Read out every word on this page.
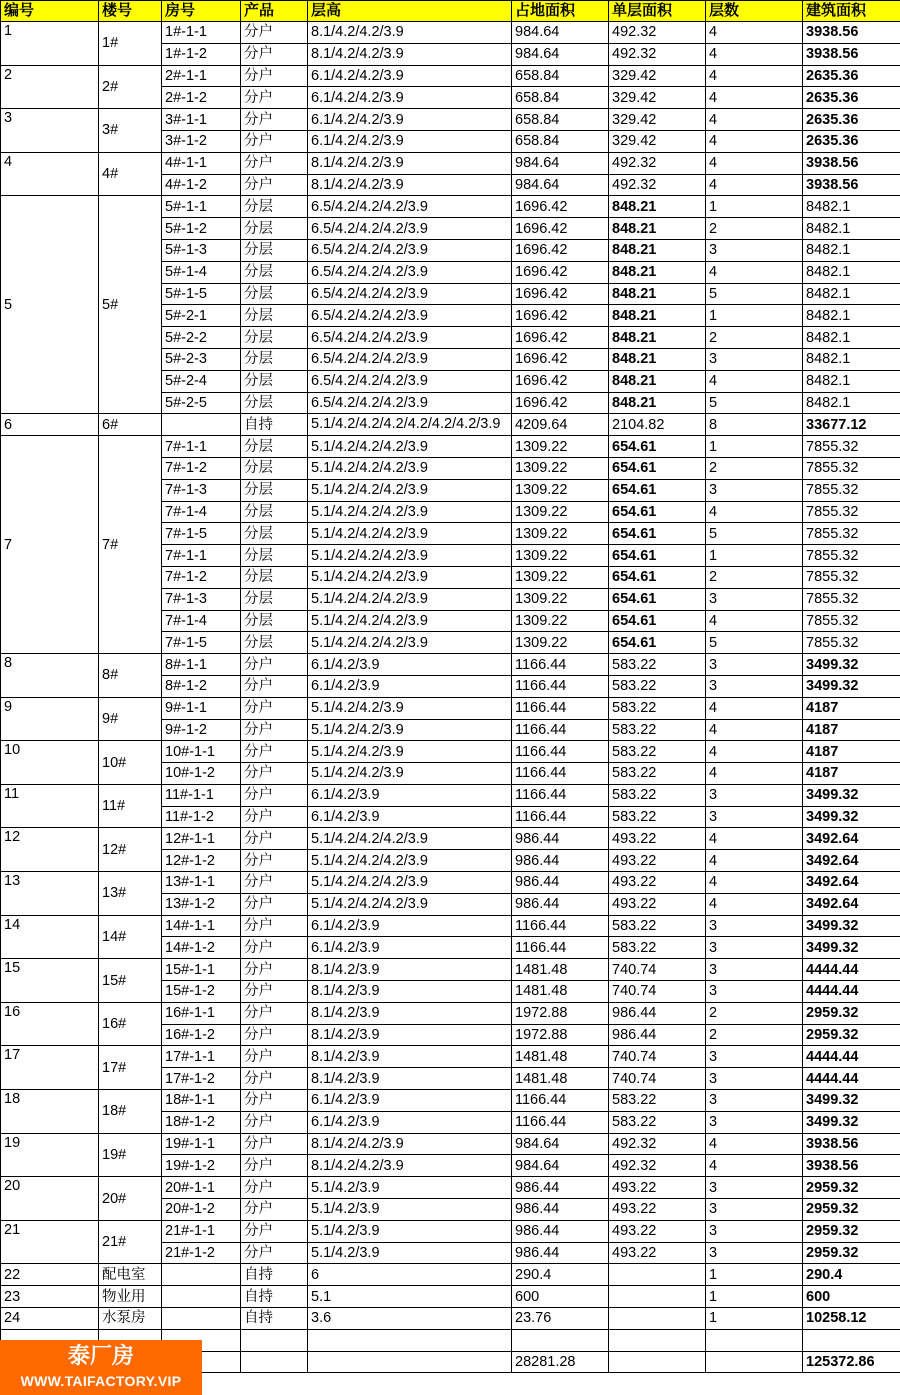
编号	楼号	房号	产品	层高	占地面积	单层面积	层数	建筑面积
1	1#	1#-1-1	分户	8.1/4.2/4.2/3.9	984.64	492.32	4	3938.56
		1#-1-2	分户	8.1/4.2/4.2/3.9	984.64	492.32	4	3938.56
2	2#	2#-1-1	分户	6.1/4.2/4.2/3.9	658.84	329.42	4	2635.36
		2#-1-2	分户	6.1/4.2/4.2/3.9	658.84	329.42	4	2635.36
3	3#	3#-1-1	分户	6.1/4.2/4.2/3.9	658.84	329.42	4	2635.36
		3#-1-2	分户	6.1/4.2/4.2/3.9	658.84	329.42	4	2635.36
4	4#	4#-1-1	分户	8.1/4.2/4.2/3.9	984.64	492.32	4	3938.56
		4#-1-2	分户	8.1/4.2/4.2/3.9	984.64	492.32	4	3938.56
5	5#	5#-1-1	分层	6.5/4.2/4.2/4.2/3.9	1696.42	848.21	1	8482.1
		5#-1-2	分层	6.5/4.2/4.2/4.2/3.9	1696.42	848.21	2	8482.1
		5#-1-3	分层	6.5/4.2/4.2/4.2/3.9	1696.42	848.21	3	8482.1
		5#-1-4	分层	6.5/4.2/4.2/4.2/3.9	1696.42	848.21	4	8482.1
		5#-1-5	分层	6.5/4.2/4.2/4.2/3.9	1696.42	848.21	5	8482.1
		5#-2-1	分层	6.5/4.2/4.2/4.2/3.9	1696.42	848.21	1	8482.1
		5#-2-2	分层	6.5/4.2/4.2/4.2/3.9	1696.42	848.21	2	8482.1
		5#-2-3	分层	6.5/4.2/4.2/4.2/3.9	1696.42	848.21	3	8482.1
		5#-2-4	分层	6.5/4.2/4.2/4.2/3.9	1696.42	848.21	4	8482.1
		5#-2-5	分层	6.5/4.2/4.2/4.2/3.9	1696.42	848.21	5	8482.1
6	6#		自持	5.1/4.2/4.2/4.2/4.2/4.2/4.2/3.9	4209.64	2104.82	8	33677.12
7	7#	7#-1-1	分层	5.1/4.2/4.2/4.2/3.9	1309.22	654.61	1	7855.32
		7#-1-2	分层	5.1/4.2/4.2/4.2/3.9	1309.22	654.61	2	7855.32
		7#-1-3	分层	5.1/4.2/4.2/4.2/3.9	1309.22	654.61	3	7855.32
		7#-1-4	分层	5.1/4.2/4.2/4.2/3.9	1309.22	654.61	4	7855.32
		7#-1-5	分层	5.1/4.2/4.2/4.2/3.9	1309.22	654.61	5	7855.32
		7#-1-1	分层	5.1/4.2/4.2/4.2/3.9	1309.22	654.61	1	7855.32
		7#-1-2	分层	5.1/4.2/4.2/4.2/3.9	1309.22	654.61	2	7855.32
		7#-1-3	分层	5.1/4.2/4.2/4.2/3.9	1309.22	654.61	3	7855.32
		7#-1-4	分层	5.1/4.2/4.2/4.2/3.9	1309.22	654.61	4	7855.32
		7#-1-5	分层	5.1/4.2/4.2/4.2/3.9	1309.22	654.61	5	7855.32
8	8#	8#-1-1	分户	6.1/4.2/3.9	1166.44	583.22	3	3499.32
		8#-1-2	分户	6.1/4.2/3.9	1166.44	583.22	3	3499.32
9	9#	9#-1-1	分户	5.1/4.2/4.2/3.9	1166.44	583.22	4	4187
		9#-1-2	分户	5.1/4.2/4.2/3.9	1166.44	583.22	4	4187
10	10#	10#-1-1	分户	5.1/4.2/4.2/3.9	1166.44	583.22	4	4187
		10#-1-2	分户	5.1/4.2/4.2/3.9	1166.44	583.22	4	4187
11	11#	11#-1-1	分户	6.1/4.2/3.9	1166.44	583.22	3	3499.32
		11#-1-2	分户	6.1/4.2/3.9	1166.44	583.22	3	3499.32
12	12#	12#-1-1	分户	5.1/4.2/4.2/4.2/3.9	986.44	493.22	4	3492.64
		12#-1-2	分户	5.1/4.2/4.2/4.2/3.9	986.44	493.22	4	3492.64
13	13#	13#-1-1	分户	5.1/4.2/4.2/4.2/3.9	986.44	493.22	4	3492.64
		13#-1-2	分户	5.1/4.2/4.2/4.2/3.9	986.44	493.22	4	3492.64
14	14#	14#-1-1	分户	6.1/4.2/3.9	1166.44	583.22	3	3499.32
		14#-1-2	分户	6.1/4.2/3.9	1166.44	583.22	3	3499.32
15	15#	15#-1-1	分户	8.1/4.2/3.9	1481.48	740.74	3	4444.44
		15#-1-2	分户	8.1/4.2/3.9	1481.48	740.74	3	4444.44
16	16#	16#-1-1	分户	8.1/4.2/3.9	1972.88	986.44	2	2959.32
		16#-1-2	分户	8.1/4.2/3.9	1972.88	986.44	2	2959.32
17	17#	17#-1-1	分户	8.1/4.2/3.9	1481.48	740.74	3	4444.44
		17#-1-2	分户	8.1/4.2/3.9	1481.48	740.74	3	4444.44
18	18#	18#-1-1	分户	6.1/4.2/3.9	1166.44	583.22	3	3499.32
		18#-1-2	分户	6.1/4.2/3.9	1166.44	583.22	3	3499.32
19	19#	19#-1-1	分户	8.1/4.2/4.2/3.9	984.64	492.32	4	3938.56
		19#-1-2	分户	8.1/4.2/4.2/3.9	984.64	492.32	4	3938.56
20	20#	20#-1-1	分户	5.1/4.2/3.9	986.44	493.22	3	2959.32
		20#-1-2	分户	5.1/4.2/3.9	986.44	493.22	3	2959.32
21	21#	21#-1-1	分户	5.1/4.2/3.9	986.44	493.22	3	2959.32
		21#-1-2	分户	5.1/4.2/3.9	986.44	493.22	3	2959.32
22	配电室		自持	6	290.4		1	290.4
23	物业用		自持	5.1	600		1	600
24	水泵房		自持	3.6	23.76		1	10258.12

					28281.28			125372.86
泰厂房
WWW.TAIFACTORY.VIP
